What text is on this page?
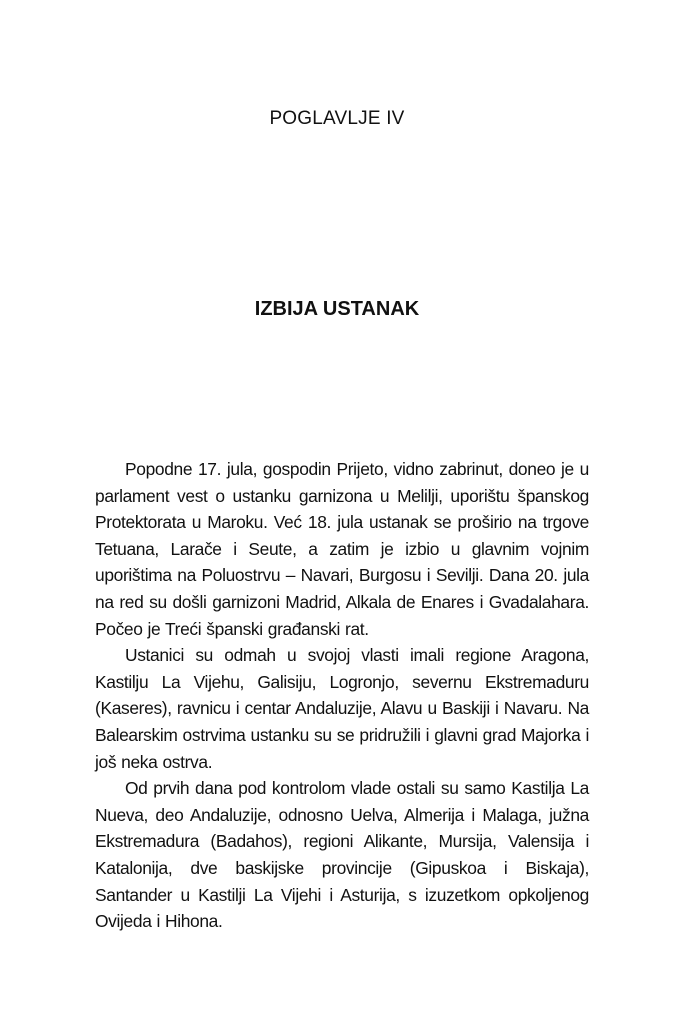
POGLAVLJE IV
IZBIJA USTANAK

Popodne 17. jula, gospodin Prijeto, vidno zabrinut, doneo je u parlament vest o ustanku garnizona u Melilji, uporištu španskog Protektorata u Maroku. Već 18. jula ustanak se proširio na trgove Tetuana, Larače i Seute, a zatim je izbio u glavnim vojnim uporištima na Poluostrvu – Navari, Burgosu i Sevilji. Dana 20. jula na red su došli garnizoni Madrid, Alkala de Enares i Gvadalahara. Počeo je Treći španski građanski rat.

Ustanici su odmah u svojoj vlasti imali regione Aragona, Kastilju La Vijehu, Galisiju, Logronjo, severnu Ekstremaduru (Kaseres), ravnicu i centar Andaluzije, Alavu u Baskiji i Navaru. Na Balearskim ostrvima ustanku su se pridružili i glavni grad Majorka i još neka ostrva.

Od prvih dana pod kontrolom vlade ostali su samo Kastilja La Nueva, deo Andaluzije, odnosno Uelva, Almerija i Malaga, južna Ekstremadura (Badahos), regioni Alikante, Mursija, Valensija i Katalonija, dve baskijske provincije (Gipuskoa i Biskaja), Santander u Kastilji La Vijehi i Asturija, s izuzetkom opkoljenog Ovijeda i Hihona.
